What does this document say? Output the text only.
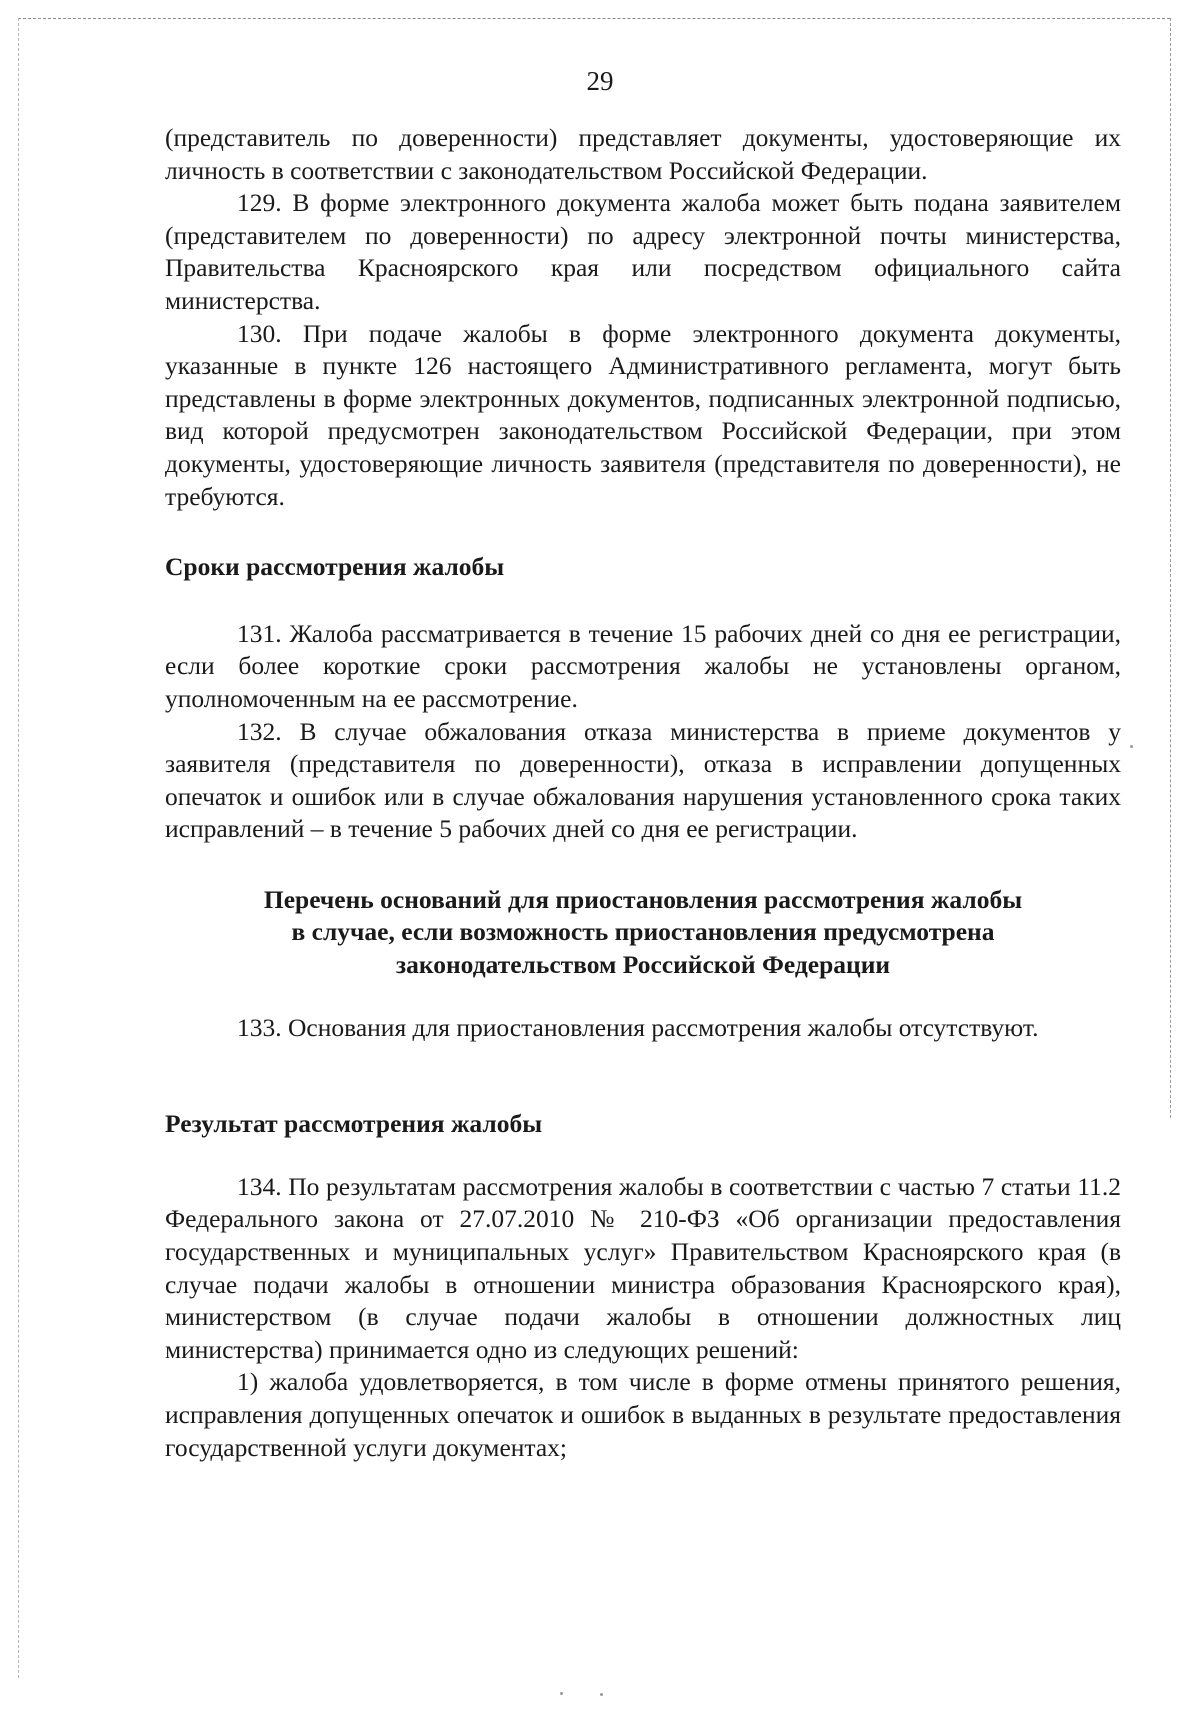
29

(представитель по доверенности) представляет документы, удостоверяющие их личность в соответствии с законодательством Российской Федерации.

129. В форме электронного документа жалоба может быть подана заявителем (представителем по доверенности) по адресу электронной почты министерства, Правительства Красноярского края или посредством официального сайта министерства.

130. При подаче жалобы в форме электронного документа документы, указанные в пункте 126 настоящего Административного регламента, могут быть представлены в форме электронных документов, подписанных электронной подписью, вид которой предусмотрен законодательством Российской Федерации, при этом документы, удостоверяющие личность заявителя (представителя по доверенности), не требуются.

Сроки рассмотрения жалобы

131. Жалоба рассматривается в течение 15 рабочих дней со дня ее регистрации, если более короткие сроки рассмотрения жалобы не установлены органом, уполномоченным на ее рассмотрение.

132. В случае обжалования отказа министерства в приеме документов у заявителя (представителя по доверенности), отказа в исправлении допущенных опечаток и ошибок или в случае обжалования нарушения установленного срока таких исправлений – в течение 5 рабочих дней со дня ее регистрации.

Перечень оснований для приостановления рассмотрения жалобы
в случае, если возможность приостановления предусмотрена
законодательством Российской Федерации

133. Основания для приостановления рассмотрения жалобы отсутствуют.

Результат рассмотрения жалобы

134. По результатам рассмотрения жалобы в соответствии с частью 7 статьи 11.2 Федерального закона от 27.07.2010 № 210-ФЗ «Об организации предоставления государственных и муниципальных услуг» Правительством Красноярского края (в случае подачи жалобы в отношении министра образования Красноярского края), министерством (в случае подачи жалобы в отношении должностных лиц министерства) принимается одно из следующих решений:

1) жалоба удовлетворяется, в том числе в форме отмены принятого решения, исправления допущенных опечаток и ошибок в выданных в результате предоставления государственной услуги документах;
